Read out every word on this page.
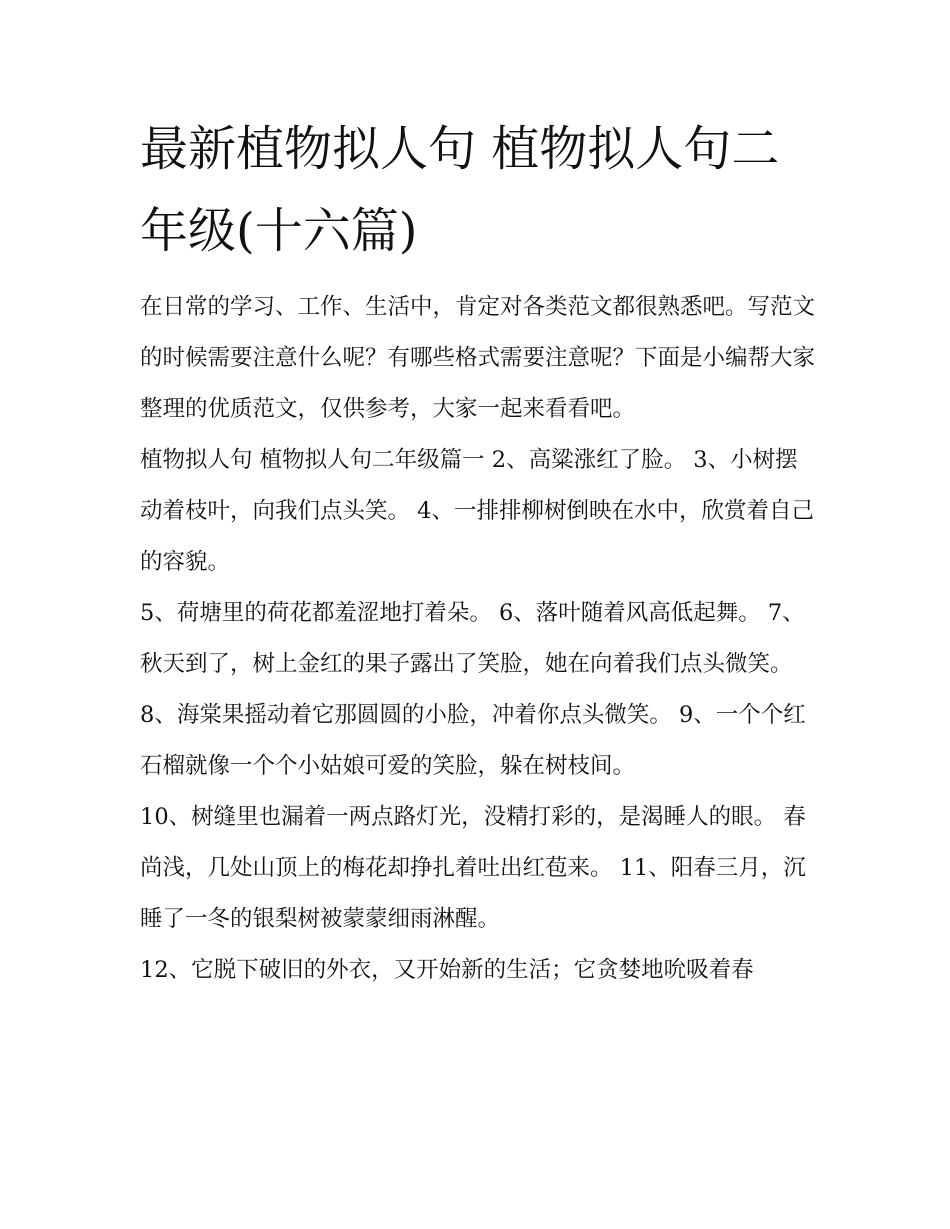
最新植物拟人句 植物拟人句二年级(十六篇)

在日常的学习、工作、生活中，肯定对各类范文都很熟悉吧。写范文的时候需要注意什么呢？有哪些格式需要注意呢？下面是小编帮大家整理的优质范文，仅供参考，大家一起来看看吧。

植物拟人句 植物拟人句二年级篇一 2、高粱涨红了脸。 3、小树摆动着枝叶，向我们点头笑。 4、一排排柳树倒映在水中，欣赏着自己的容貌。

5、荷塘里的荷花都羞涩地打着朵。 6、落叶随着风高低起舞。 7、秋天到了，树上金红的果子露出了笑脸，她在向着我们点头微笑。

8、海棠果摇动着它那圆圆的小脸，冲着你点头微笑。 9、一个个红石榴就像一个个小姑娘可爱的笑脸，躲在树枝间。

10、树缝里也漏着一两点路灯光，没精打彩的，是渴睡人的眼。 春尚浅，几处山顶上的梅花却挣扎着吐出红苞来。 11、阳春三月，沉睡了一冬的银梨树被蒙蒙细雨淋醒。

12、它脱下破旧的外衣，又开始新的生活；它贪婪地吮吸着春
